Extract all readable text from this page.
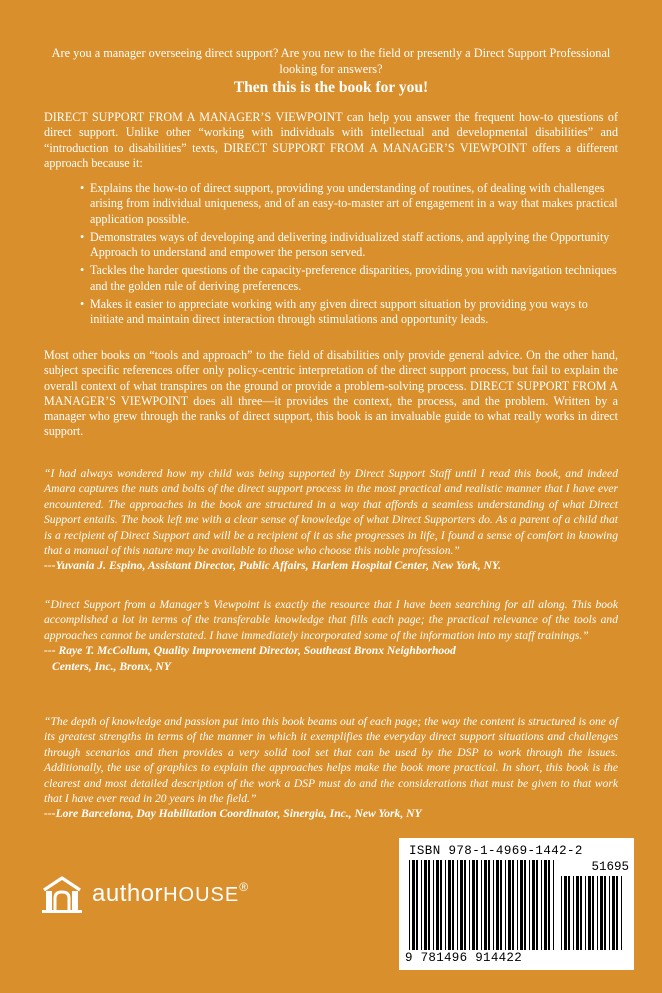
Are you a manager overseeing direct support? Are you new to the field or presently a Direct Support Professional looking for answers?
Then this is the book for you!
DIRECT SUPPORT FROM A MANAGER’S VIEWPOINT can help you answer the frequent how-to questions of direct support. Unlike other “working with individuals with intellectual and developmental disabilities” and “introduction to disabilities” texts, DIRECT SUPPORT FROM A MANAGER’S VIEWPOINT offers a different approach because it:
• Explains the how-to of direct support, providing you understanding of routines, of dealing with challenges arising from individual uniqueness, and of an easy-to-master art of engagement in a way that makes practical application possible.
• Demonstrates ways of developing and delivering individualized staff actions, and applying the Opportunity Approach to understand and empower the person served.
• Tackles the harder questions of the capacity-preference disparities, providing you with navigation techniques and the golden rule of deriving preferences.
• Makes it easier to appreciate working with any given direct support situation by providing you ways to initiate and maintain direct interaction through stimulations and opportunity leads.
Most other books on “tools and approach” to the field of disabilities only provide general advice. On the other hand, subject specific references offer only policy-centric interpretation of the direct support process, but fail to explain the overall context of what transpires on the ground or provide a problem-solving process. DIRECT SUPPORT FROM A MANAGER’S VIEWPOINT does all three—it provides the context, the process, and the problem. Written by a manager who grew through the ranks of direct support, this book is an invaluable guide to what really works in direct support.
“I had always wondered how my child was being supported by Direct Support Staff until I read this book, and indeed Amara captures the nuts and bolts of the direct support process in the most practical and realistic manner that I have ever encountered. The approaches in the book are structured in a way that affords a seamless understanding of what Direct Support entails. The book left me with a clear sense of knowledge of what Direct Supporters do. As a parent of a child that is a recipient of Direct Support and will be a recipient of it as she progresses in life, I found a sense of comfort in knowing that a manual of this nature may be available to those who choose this noble profession.”
---Yuvania J. Espino, Assistant Director, Public Affairs, Harlem Hospital Center, New York, NY.
“Direct Support from a Manager’s Viewpoint is exactly the resource that I have been searching for all along. This book accomplished a lot in terms of the transferable knowledge that fills each page; the practical relevance of the tools and approaches cannot be understated. I have immediately incorporated some of the information into my staff trainings.”
--- Raye T. McCollum, Quality Improvement Director, Southeast Bronx Neighborhood
Centers, Inc., Bronx, NY
“The depth of knowledge and passion put into this book beams out of each page; the way the content is structured is one of its greatest strengths in terms of the manner in which it exemplifies the everyday direct support situations and challenges through scenarios and then provides a very solid tool set that can be used by the DSP to work through the issues. Additionally, the use of graphics to explain the approaches helps make the book more practical. In short, this book is the clearest and most detailed description of the work a DSP must do and the considerations that must be given to that work that I have ever read in 20 years in the field.”
---Lore Barcelona, Day Habilitation Coordinator, Sinergia, Inc., New York, NY
authorHOUSE®
ISBN 978-1-4969-1442-2
51695
9 781496 914422
